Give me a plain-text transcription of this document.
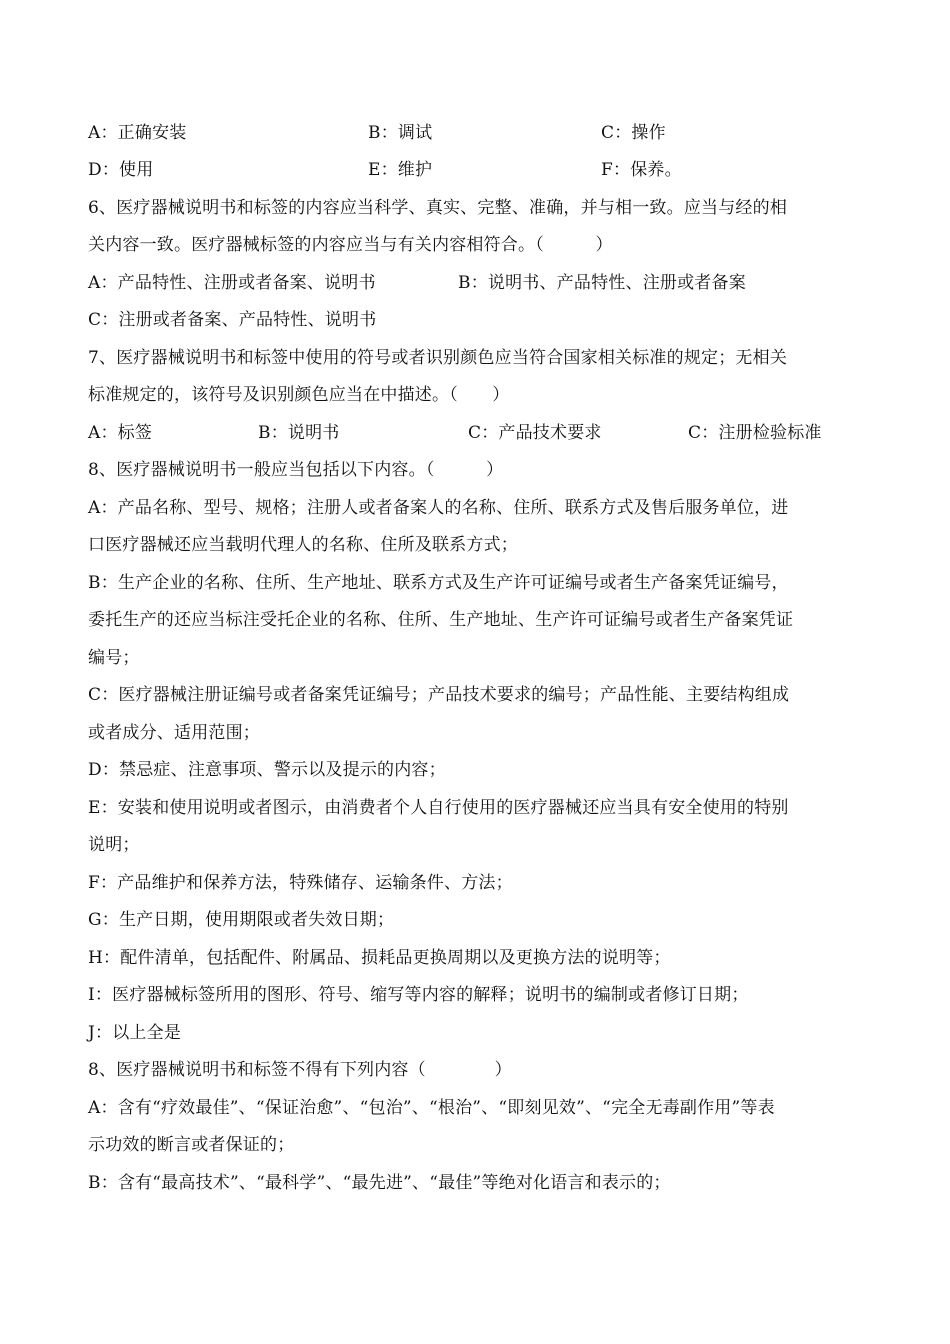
A：正确安装	B：调试	C：操作
D：使用	E：维护	F：保养。
6、医疗器械说明书和标签的内容应当科学、真实、完整、准确，并与相一致。应当与经的相
关内容一致。医疗器械标签的内容应当与有关内容相符合。（　　　）
A：产品特性、注册或者备案、说明书	B：说明书、产品特性、注册或者备案
C：注册或者备案、产品特性、说明书
7、医疗器械说明书和标签中使用的符号或者识别颜色应当符合国家相关标准的规定；无相关
标准规定的，该符号及识别颜色应当在中描述。（　　）
A：标签	B：说明书	C：产品技术要求	C：注册检验标准
8、医疗器械说明书一般应当包括以下内容。（　　　）
A：产品名称、型号、规格；注册人或者备案人的名称、住所、联系方式及售后服务单位，进
口医疗器械还应当载明代理人的名称、住所及联系方式；
B：生产企业的名称、住所、生产地址、联系方式及生产许可证编号或者生产备案凭证编号，
委托生产的还应当标注受托企业的名称、住所、生产地址、生产许可证编号或者生产备案凭证
编号；
C：医疗器械注册证编号或者备案凭证编号；产品技术要求的编号；产品性能、主要结构组成
或者成分、适用范围；
D：禁忌症、注意事项、警示以及提示的内容；
E：安装和使用说明或者图示，由消费者个人自行使用的医疗器械还应当具有安全使用的特别
说明；
F：产品维护和保养方法，特殊储存、运输条件、方法；
G：生产日期，使用期限或者失效日期；
H：配件清单，包括配件、附属品、损耗品更换周期以及更换方法的说明等；
I：医疗器械标签所用的图形、符号、缩写等内容的解释；说明书的编制或者修订日期；
J：以上全是
8、医疗器械说明书和标签不得有下列内容（　　　　）
A：含有“疗效最佳”、“保证治愈”、“包治”、“根治”、“即刻见效”、“完全无毒副作用”等表
示功效的断言或者保证的；
B：含有“最高技术”、“最科学”、“最先进”、“最佳”等绝对化语言和表示的；
